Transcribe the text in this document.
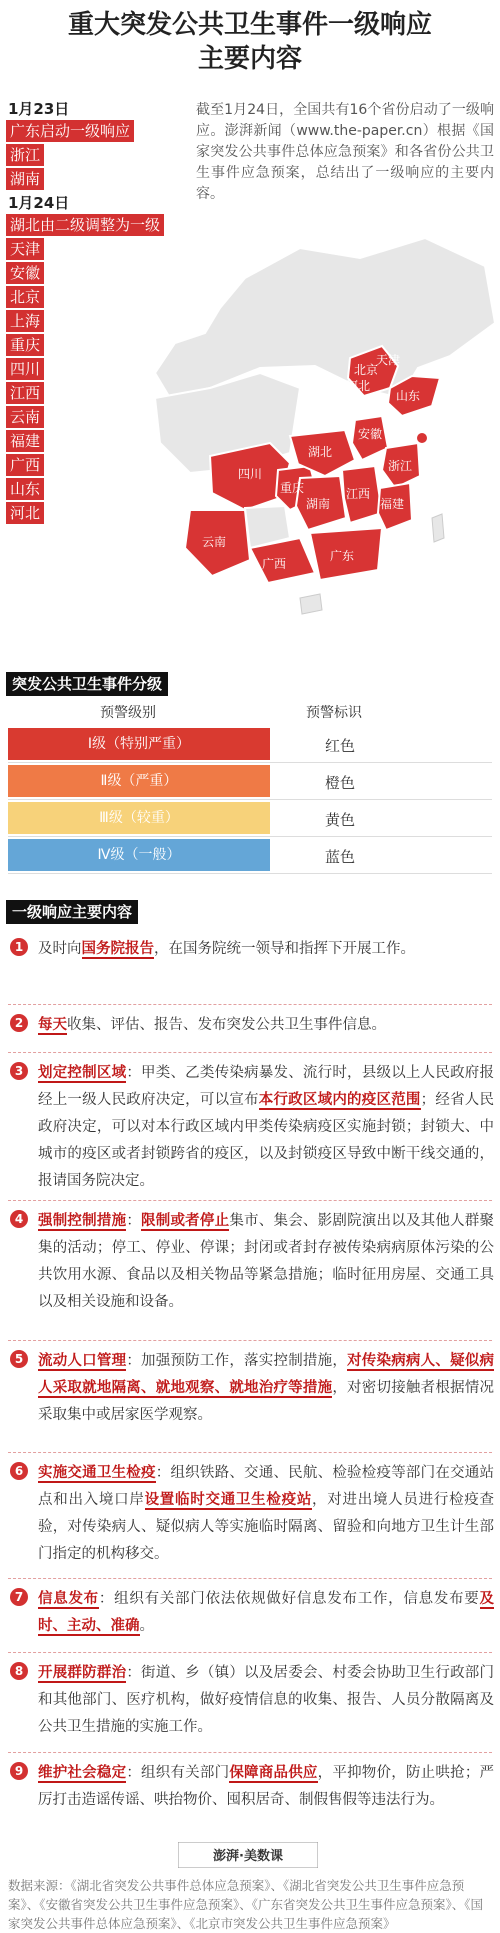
重大突发公共卫生事件一级响应
主要内容
1月23日
广东启动一级响应
浙江
湖南
1月24日
湖北由二级调整为一级
天津
安徽
北京
上海
重庆
四川
江西
云南
福建
广西
山东
河北
截至1月24日，全国共有16个省份启动了一级响应。澎湃新闻（www.the-paper.cn）根据《国家突发公共事件总体应急预案》和各省份公共卫生事件应急预案，总结出了一级响应的主要内容。
四川
重庆
云南
湖北
湖南
安徽
江西
浙江
上海
福建
广西
广东
北京
天津
河北
山东
突发公共卫生事件分级
预警级别	预警标识
Ⅰ级（特别严重）	红色
Ⅱ级（严重）	橙色
Ⅲ级（较重）	黄色
Ⅳ级（一般）	蓝色
一级响应主要内容
1	及时向国务院报告，在国务院统一领导和指挥下开展工作。
2	每天收集、评估、报告、发布突发公共卫生事件信息。
3	划定控制区域：甲类、乙类传染病暴发、流行时，县级以上人民政府报经上一级人民政府决定，可以宣布本行政区域内的疫区范围；经省人民政府决定，可以对本行政区域内甲类传染病疫区实施封锁；封锁大、中城市的疫区或者封锁跨省的疫区，以及封锁疫区导致中断干线交通的，报请国务院决定。
4	强制控制措施：限制或者停止集市、集会、影剧院演出以及其他人群聚集的活动；停工、停业、停课；封闭或者封存被传染病病原体污染的公共饮用水源、食品以及相关物品等紧急措施；临时征用房屋、交通工具以及相关设施和设备。
5	流动人口管理：加强预防工作，落实控制措施，对传染病病人、疑似病人采取就地隔离、就地观察、就地治疗等措施，对密切接触者根据情况采取集中或居家医学观察。
6	实施交通卫生检疫：组织铁路、交通、民航、检验检疫等部门在交通站点和出入境口岸设置临时交通卫生检疫站，对进出境人员进行检疫查验，对传染病人、疑似病人等实施临时隔离、留验和向地方卫生计生部门指定的机构移交。
7	信息发布：组织有关部门依法依规做好信息发布工作，信息发布要及时、主动、准确。
8	开展群防群治：街道、乡（镇）以及居委会、村委会协助卫生行政部门和其他部门、医疗机构，做好疫情信息的收集、报告、人员分散隔离及公共卫生措施的实施工作。
9	维护社会稳定：组织有关部门保障商品供应，平抑物价，防止哄抢；严厉打击造谣传谣、哄抬物价、囤积居奇、制假售假等违法行为。
澎湃·美数课
数据来源：《湖北省突发公共事件总体应急预案》、《湖北省突发公共卫生事件应急预案》、《安徽省突发公共卫生事件应急预案》、《广东省突发公共卫生事件应急预案》、《国家突发公共事件总体应急预案》、《北京市突发公共卫生事件应急预案》
